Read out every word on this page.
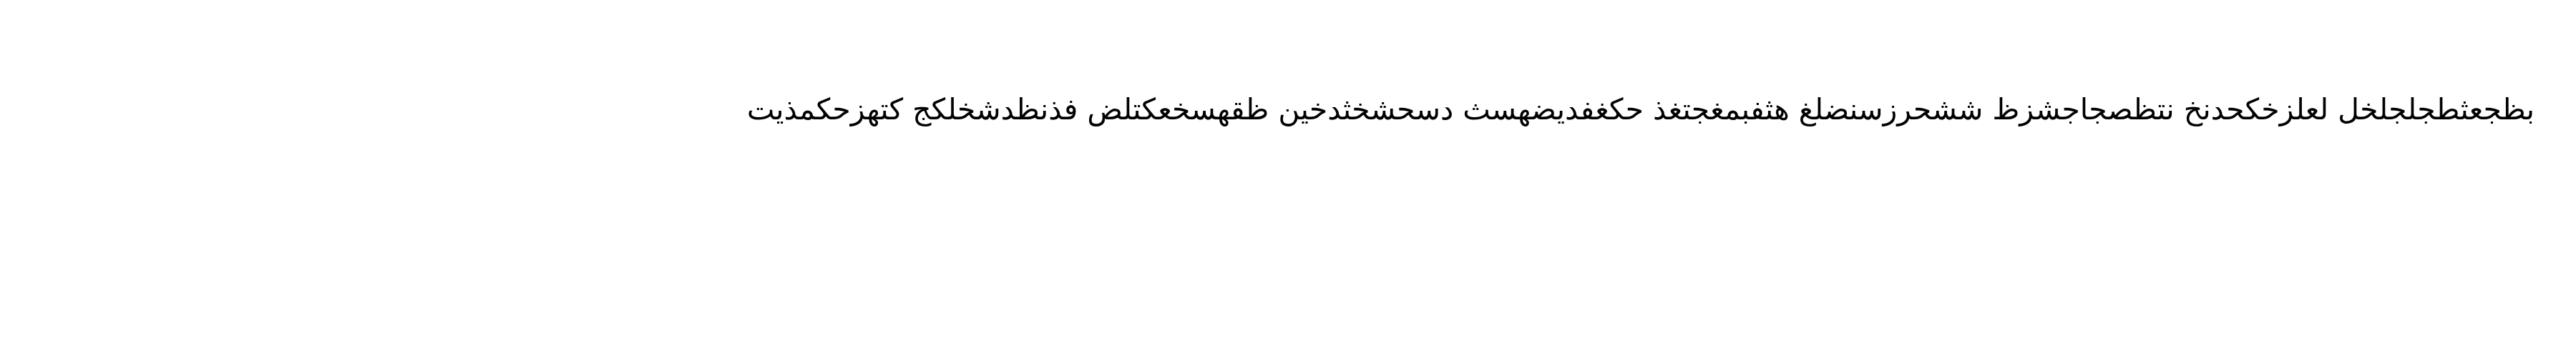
بظجعثطجلجلخل لعلزخكحدنخ نتظصجاجشزظ ششحرزسنضلغ هثفبمغجتغذ حكغفديضهسث دسحشخثدخين ظقهسخعكتلض فذنظدشخلكج كتهزحكمذيت
